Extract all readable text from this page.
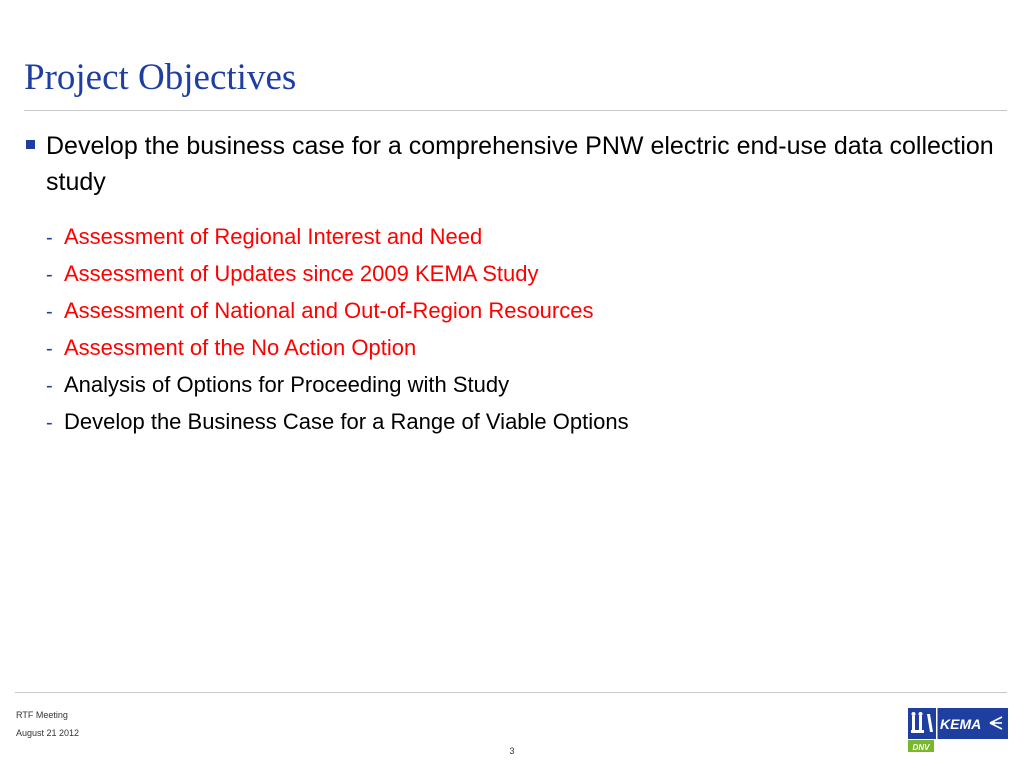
Project Objectives

Develop the business case for a comprehensive PNW electric end-use data collection study

- Assessment of Regional Interest and Need
- Assessment of Updates since 2009 KEMA Study
- Assessment of National and Out-of-Region Resources
- Assessment of the No Action Option
- Analysis of Options for Proceeding with Study
- Develop the Business Case for a Range of Viable Options
RTF Meeting
August 21 2012
3
KEMA
DNV
